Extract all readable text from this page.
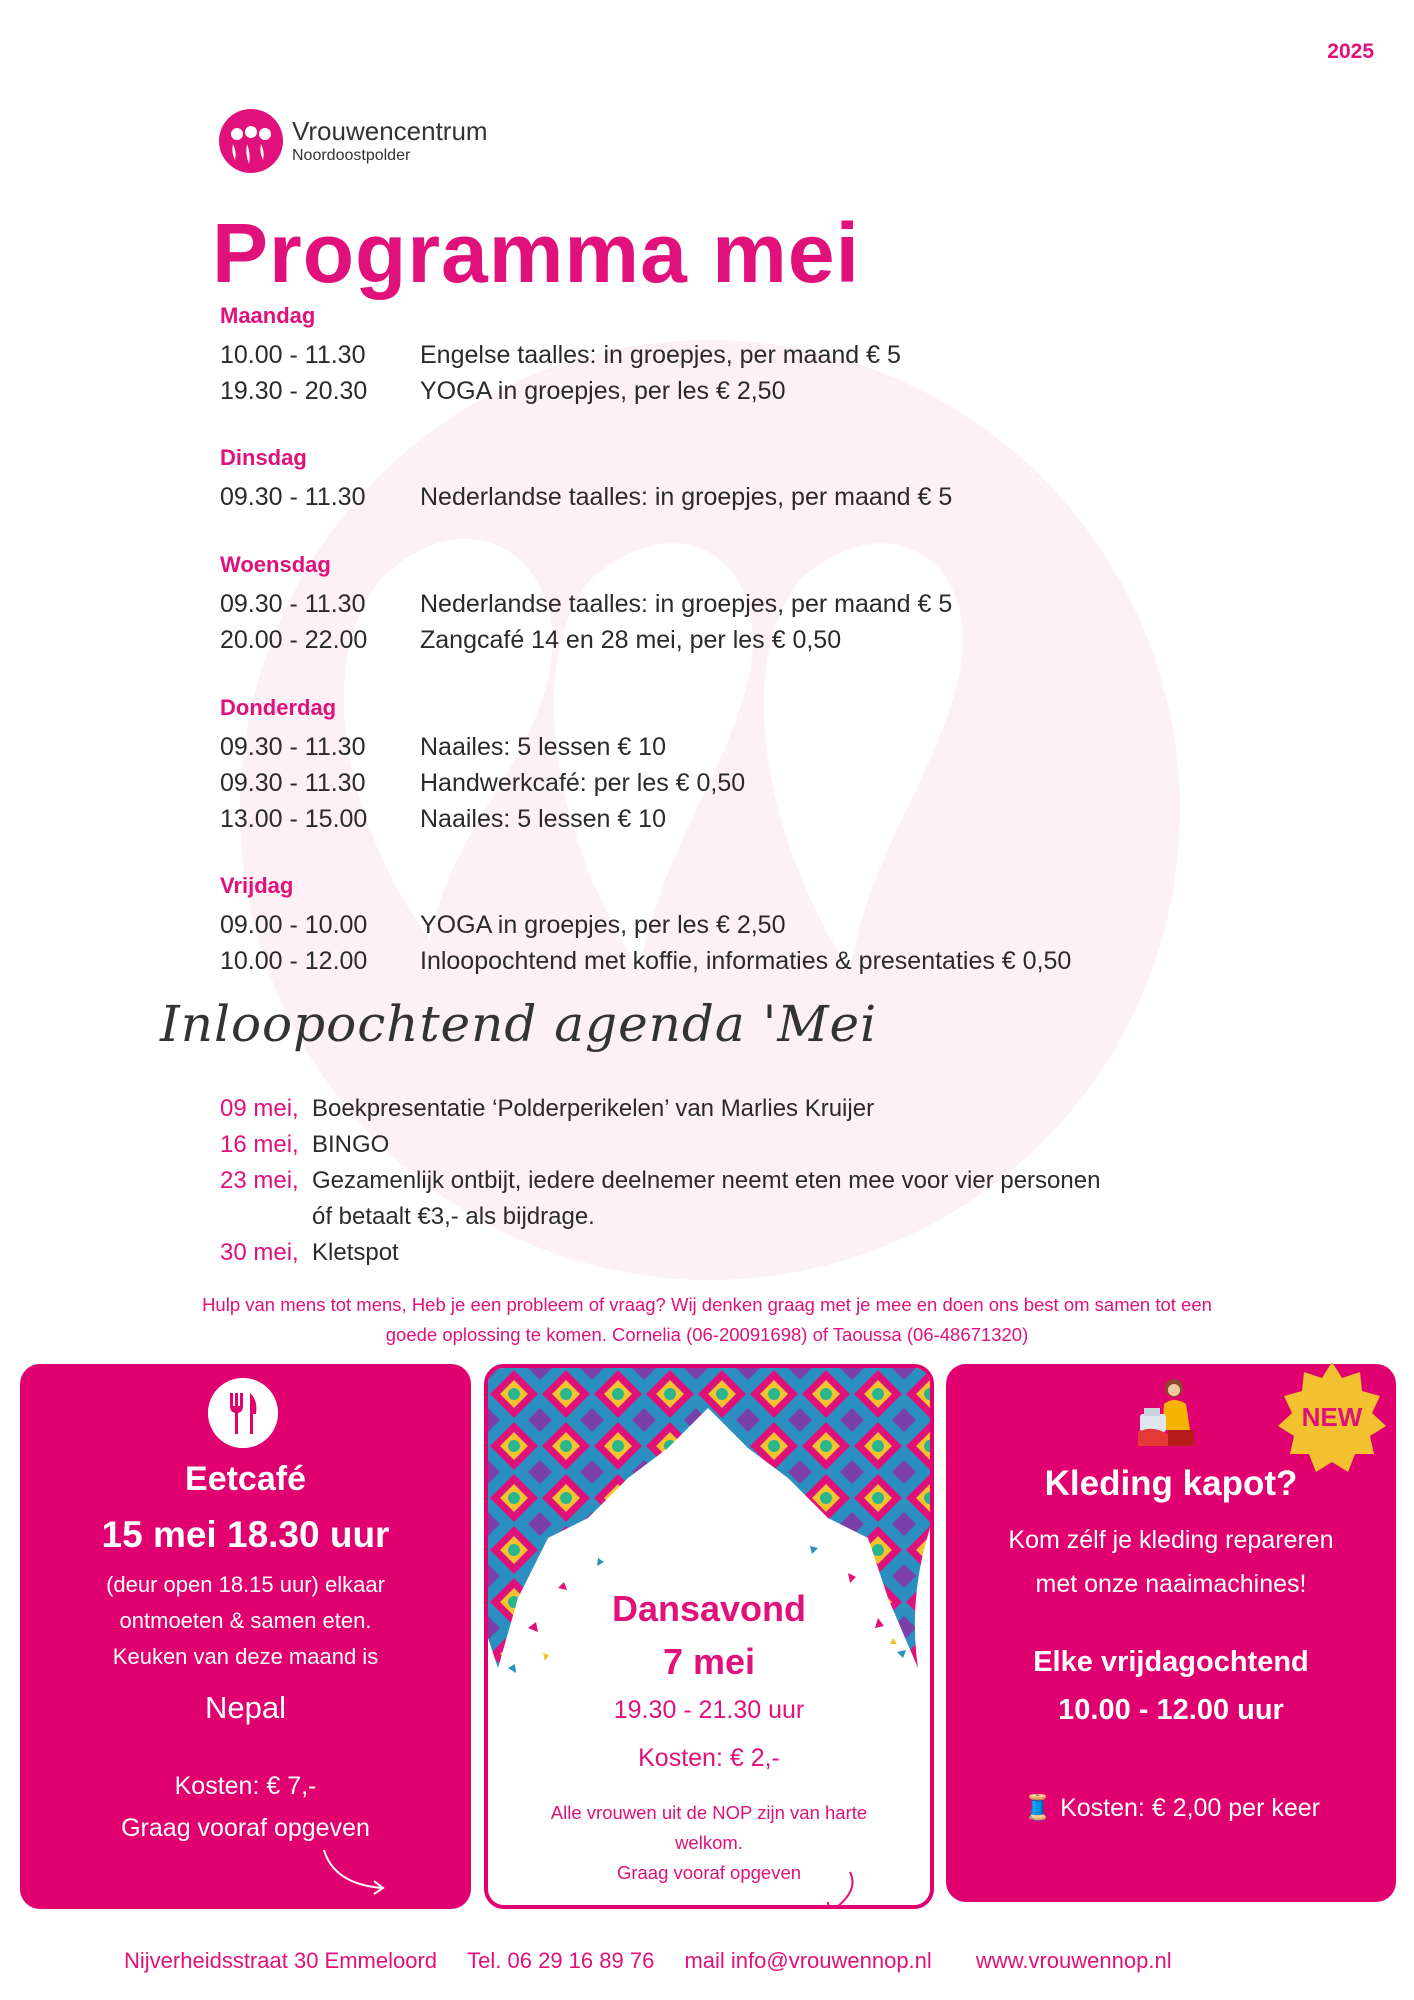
2025
Vrouwencentrum
Noordoostpolder
Programma mei
Maandag
10.00 - 11.30	Engelse taalles: in groepjes, per maand € 5
19.30 - 20.30	YOGA in groepjes, per les € 2,50
Dinsdag
09.30 - 11.30	Nederlandse taalles: in groepjes, per maand € 5
Woensdag
09.30 - 11.30	Nederlandse taalles: in groepjes, per maand € 5
20.00 - 22.00	Zangcafé 14 en 28 mei, per les € 0,50
Donderdag
09.30 - 11.30	Naailes: 5 lessen € 10
09.30 - 11.30	Handwerkcafé: per les € 0,50
13.00 - 15.00	Naailes: 5 lessen € 10
Vrijdag
09.00 - 10.00	YOGA in groepjes, per les € 2,50
10.00 - 12.00	Inloopochtend met koffie, informaties & presentaties € 0,50
Inloopochtend agenda 'Mei
09 mei, Boekpresentatie ‘Polderperikelen’ van Marlies Kruijer
16 mei, BINGO
23 mei, Gezamenlijk ontbijt, iedere deelnemer neemt eten mee voor vier personen
óf betaalt €3,- als bijdrage.
30 mei, Kletspot
Hulp van mens tot mens, Heb je een probleem of vraag? Wij denken graag met je mee en doen ons best om samen tot een
goede oplossing te komen. Cornelia (06-20091698) of Taoussa (06-48671320)
Eetcafé
15 mei 18.30 uur
(deur open 18.15 uur) elkaar
ontmoeten & samen eten.
Keuken van deze maand is
Nepal
Kosten: € 7,-
Graag vooraf opgeven
Dansavond
7 mei
19.30 - 21.30 uur
Kosten: € 2,-
Alle vrouwen uit de NOP zijn van harte
welkom.
Graag vooraf opgeven
NEW
Kleding kapot?
Kom zélf je kleding repareren
met onze naaimachines!
Elke vrijdagochtend
10.00 - 12.00 uur
🧵 Kosten: € 2,00 per keer
Nijverheidsstraat 30 Emmeloord Tel. 06 29 16 89 76 mail info@vrouwennop.nl www.vrouwennop.nl
